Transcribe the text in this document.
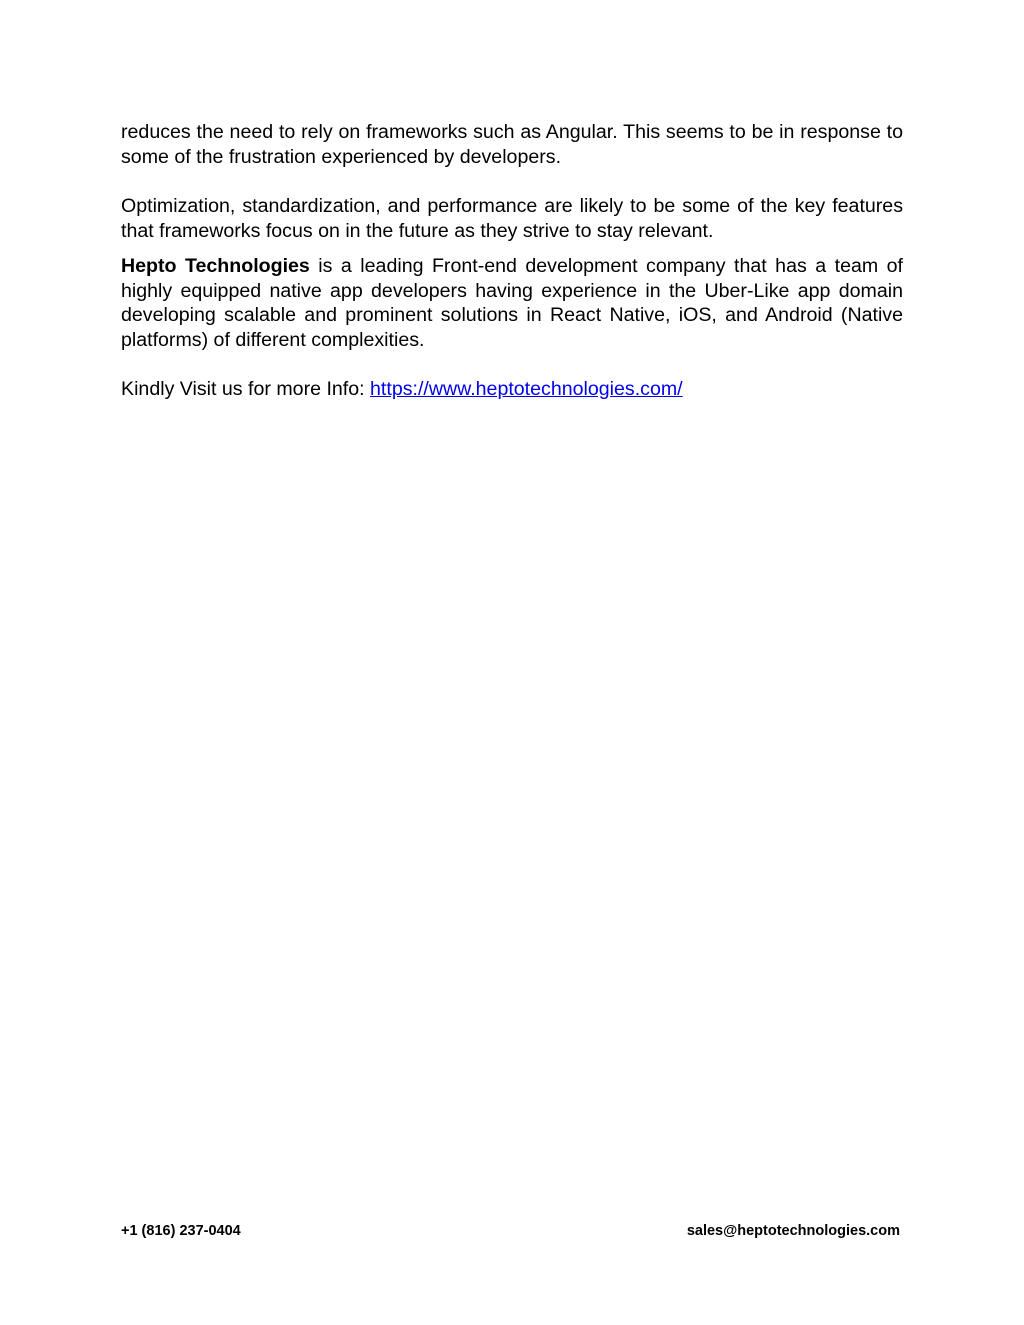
reduces the need to rely on frameworks such as Angular. This seems to be in response to some of the frustration experienced by developers.

Optimization, standardization, and performance are likely to be some of the key features that frameworks focus on in the future as they strive to stay relevant.

Hepto Technologies is a leading Front-end development company that has a team of highly equipped native app developers having experience in the Uber-Like app domain developing scalable and prominent solutions in React Native, iOS, and Android (Native platforms) of different complexities.

Kindly Visit us for more Info: https://www.heptotechnologies.com/

+1 (816) 237-0404	sales@heptotechnologies.com
